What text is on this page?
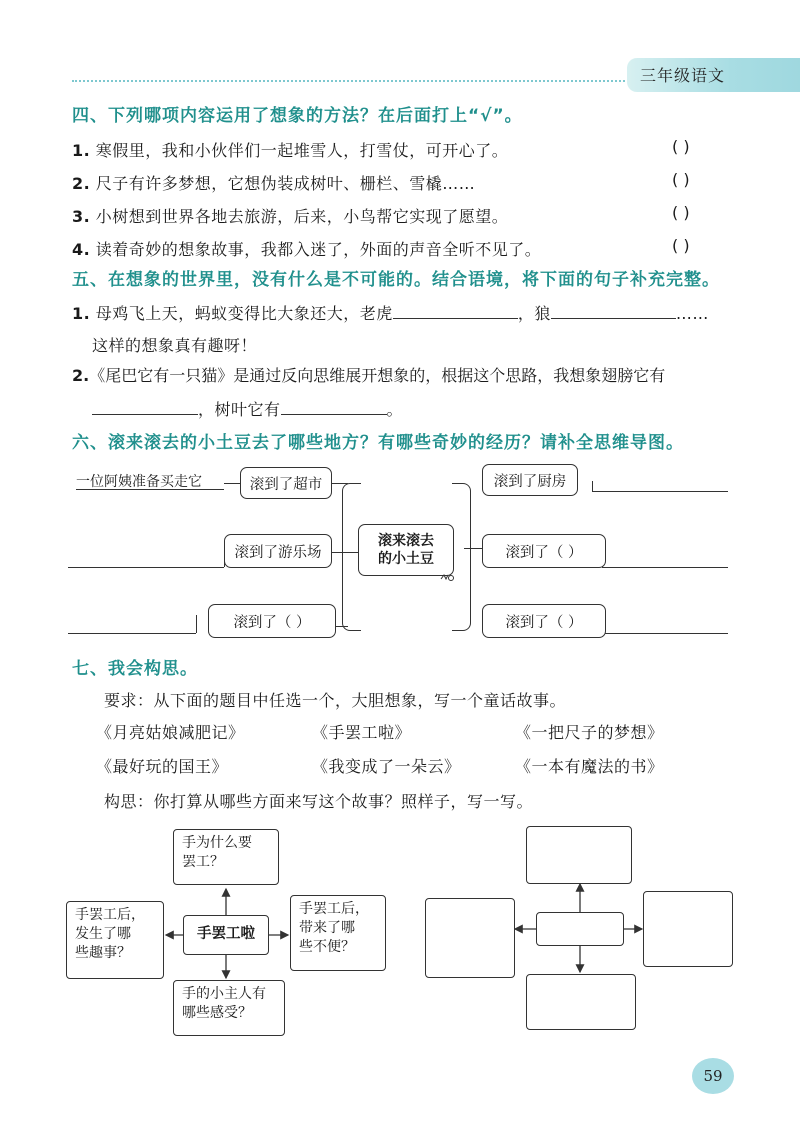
三年级语文
四、下列哪项内容运用了想象的方法？在后面打上“√”。
1. 寒假里，我和小伙伴们一起堆雪人，打雪仗，可开心了。	( )
2. 尺子有许多梦想，它想伪装成树叶、栅栏、雪橇……	( )
3. 小树想到世界各地去旅游，后来，小鸟帮它实现了愿望。	( )
4. 读着奇妙的想象故事，我都入迷了，外面的声音全听不见了。	( )
五、在想象的世界里，没有什么是不可能的。结合语境，将下面的句子补充完整。
1. 母鸡飞上天，蚂蚁变得比大象还大，老虎	，狼	……
这样的想象真有趣呀！
2.《尾巴它有一只猫》是通过反向思维展开想象的，根据这个思路，我想象翅膀它有
，树叶它有	。
六、滚来滚去的小土豆去了哪些地方？有哪些奇妙的经历？请补全思维导图。
一位阿姨准备买走它	滚到了超市
滚到了游乐场
滚到了（ ）
滚来滚去
的小土豆
滚到了厨房
滚到了（ ）
滚到了（ ）
七、我会构思。
要求：从下面的题目中任选一个，大胆想象，写一个童话故事。
《月亮姑娘减肥记》	《手罢工啦》	《一把尺子的梦想》
《最好玩的国王》	《我变成了一朵云》	《一本有魔法的书》
构思：你打算从哪些方面来写这个故事？照样子，写一写。
手为什么要
罢工？
手罢工后，
发生了哪
些趣事？
手罢工啦
手罢工后，
带来了哪
些不便？
手的小主人有
哪些感受？
59
